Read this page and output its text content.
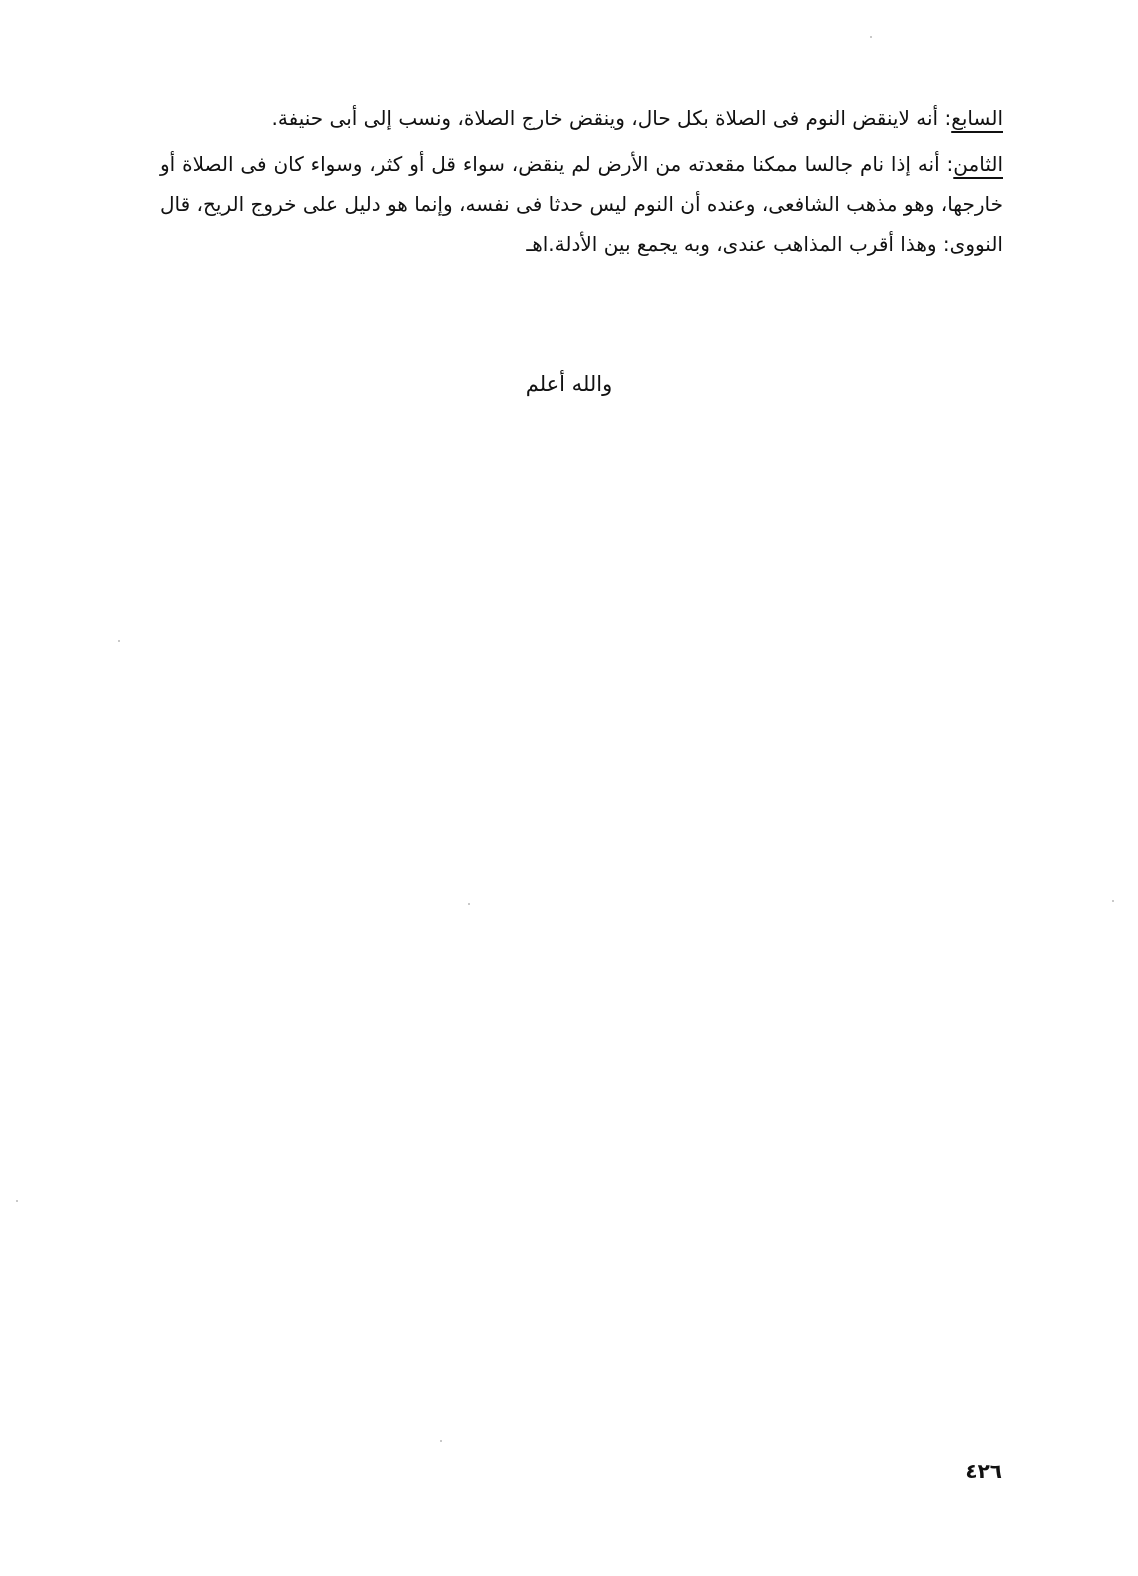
السابع: أنه لاينقض النوم فى الصلاة بكل حال، وينقض خارج الصلاة، ونسب إلى أبى حنيفة.

الثامن: أنه إذا نام جالسا ممكنا مقعدته من الأرض لم ينقض، سواء قل أو كثر، وسواء كان فى الصلاة أو خارجها، وهو مذهب الشافعى، وعنده أن النوم ليس حدثا فى نفسه، وإنما هو دليل على خروج الريح، قال النووى: وهذا أقرب المذاهب عندى، وبه يجمع بين الأدلة.اهـ

والله أعلم
٤٢٦
